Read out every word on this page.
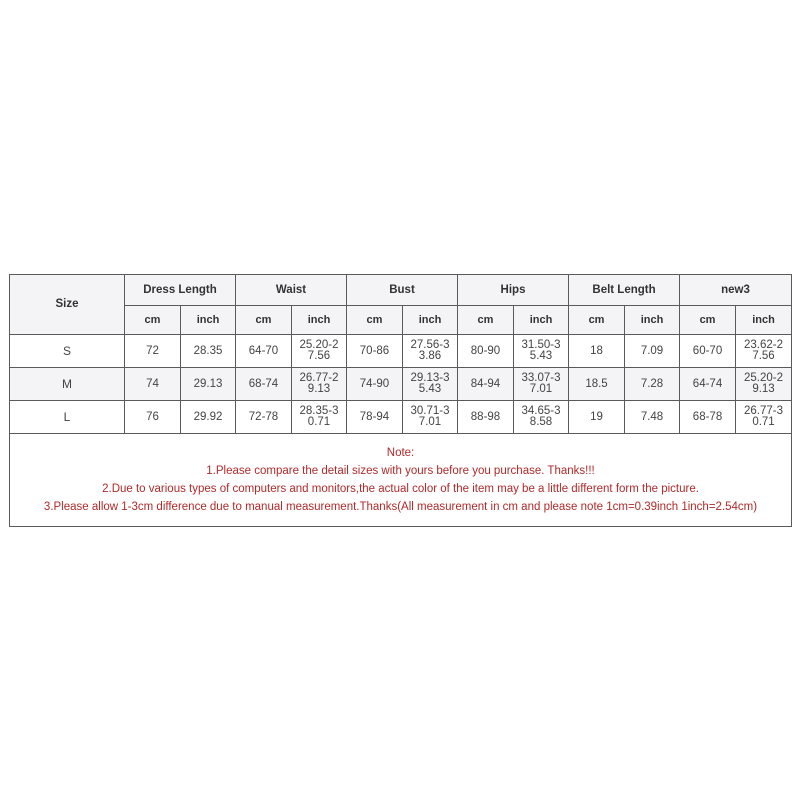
Size	Dress Length		Waist		Bust		Hips		Belt Length		new3	
	cm	inch	cm	inch	cm	inch	cm	inch	cm	inch	cm	inch
S	72	28.35	64-70	25.20-27.56	70-86	27.56-33.86	80-90	31.50-35.43	18	7.09	60-70	23.62-27.56

M	74	29.13	68-74	26.77-29.13	74-90	29.13-35.43	84-94	33.07-37.01	18.5	7.28	64-74	25.20-29.13

L	76	29.92	72-78	28.35-30.71	78-94	30.71-37.01	88-98	34.65-38.58	19	7.48	68-78	26.77-30.71

Note:
1.Please compare the detail sizes with yours before you purchase. Thanks!!!
2.Due to various types of computers and monitors,the actual color of the item may be a little different form the picture.
3.Please allow 1-3cm difference due to manual measurement.Thanks(All measurement in cm and please note 1cm=0.39inch 1inch=2.54cm)												
